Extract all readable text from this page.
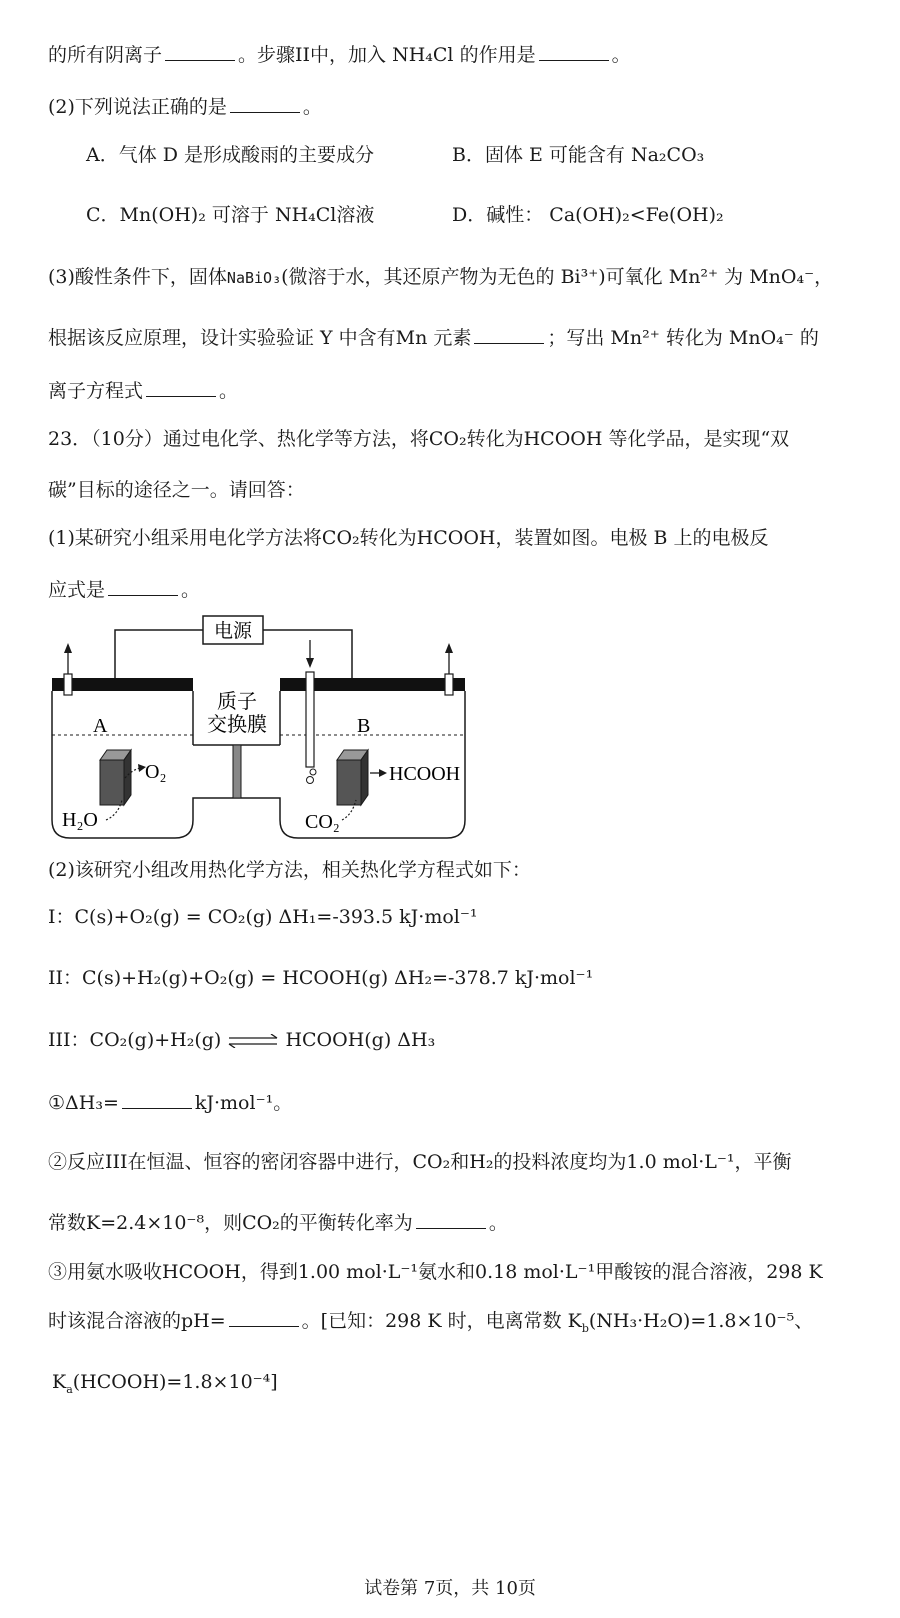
的所有阴离子	。步骤II中，加入 NH₄Cl 的作用是	。
(2)下列说法正确的是	。
A．气体 D 是形成酸雨的主要成分	B．固体 E 可能含有 Na₂CO₃
C．Mn(OH)₂ 可溶于 NH₄Cl溶液	D．碱性： Ca(OH)₂<Fe(OH)₂
(3)酸性条件下，固体NaBiO₃(微溶于水，其还原产物为无色的 Bi³⁺)可氧化 Mn²⁺ 为 MnO₄⁻，
根据该反应原理，设计实验验证 Y 中含有Mn 元素	；写出 Mn²⁺ 转化为 MnO₄⁻ 的
离子方程式	。
23．（10分）通过电化学、热化学等方法，将CO₂转化为HCOOH 等化学品，是实现“双
碳”目标的途径之一。请回答：
(1)某研究小组采用电化学方法将CO₂转化为HCOOH，装置如图。电极 B 上的电极反
应式是	。
电源
质子
交换膜
A
O₂
H₂O
B
HCOOH
CO₂
(2)该研究小组改用热化学方法，相关热化学方程式如下：
I：C(s)+O₂(g) = CO₂(g) ΔH₁=-393.5 kJ·mol⁻¹
II：C(s)+H₂(g)+O₂(g) = HCOOH(g) ΔH₂=-378.7 kJ·mol⁻¹
III：CO₂(g)+H₂(g) ⇌ HCOOH(g) ΔH₃
①ΔH₃=	kJ·mol⁻¹。
②反应III在恒温、恒容的密闭容器中进行，CO₂和H₂的投料浓度均为1.0 mol·L⁻¹，平衡
常数K=2.4×10⁻⁸，则CO₂的平衡转化率为	。
③用氨水吸收HCOOH，得到1.00 mol·L⁻¹氨水和0.18 mol·L⁻¹甲酸铵的混合溶液，298 K
时该混合溶液的pH=	。[已知：298 K 时，电离常数 $K_b(NH_3\cdot H_2O)=1.8\times 10^{-5}$、
$K_a(HCOOH)=1.8\times 10^{-4}$]
试卷第 7页，共 10页
